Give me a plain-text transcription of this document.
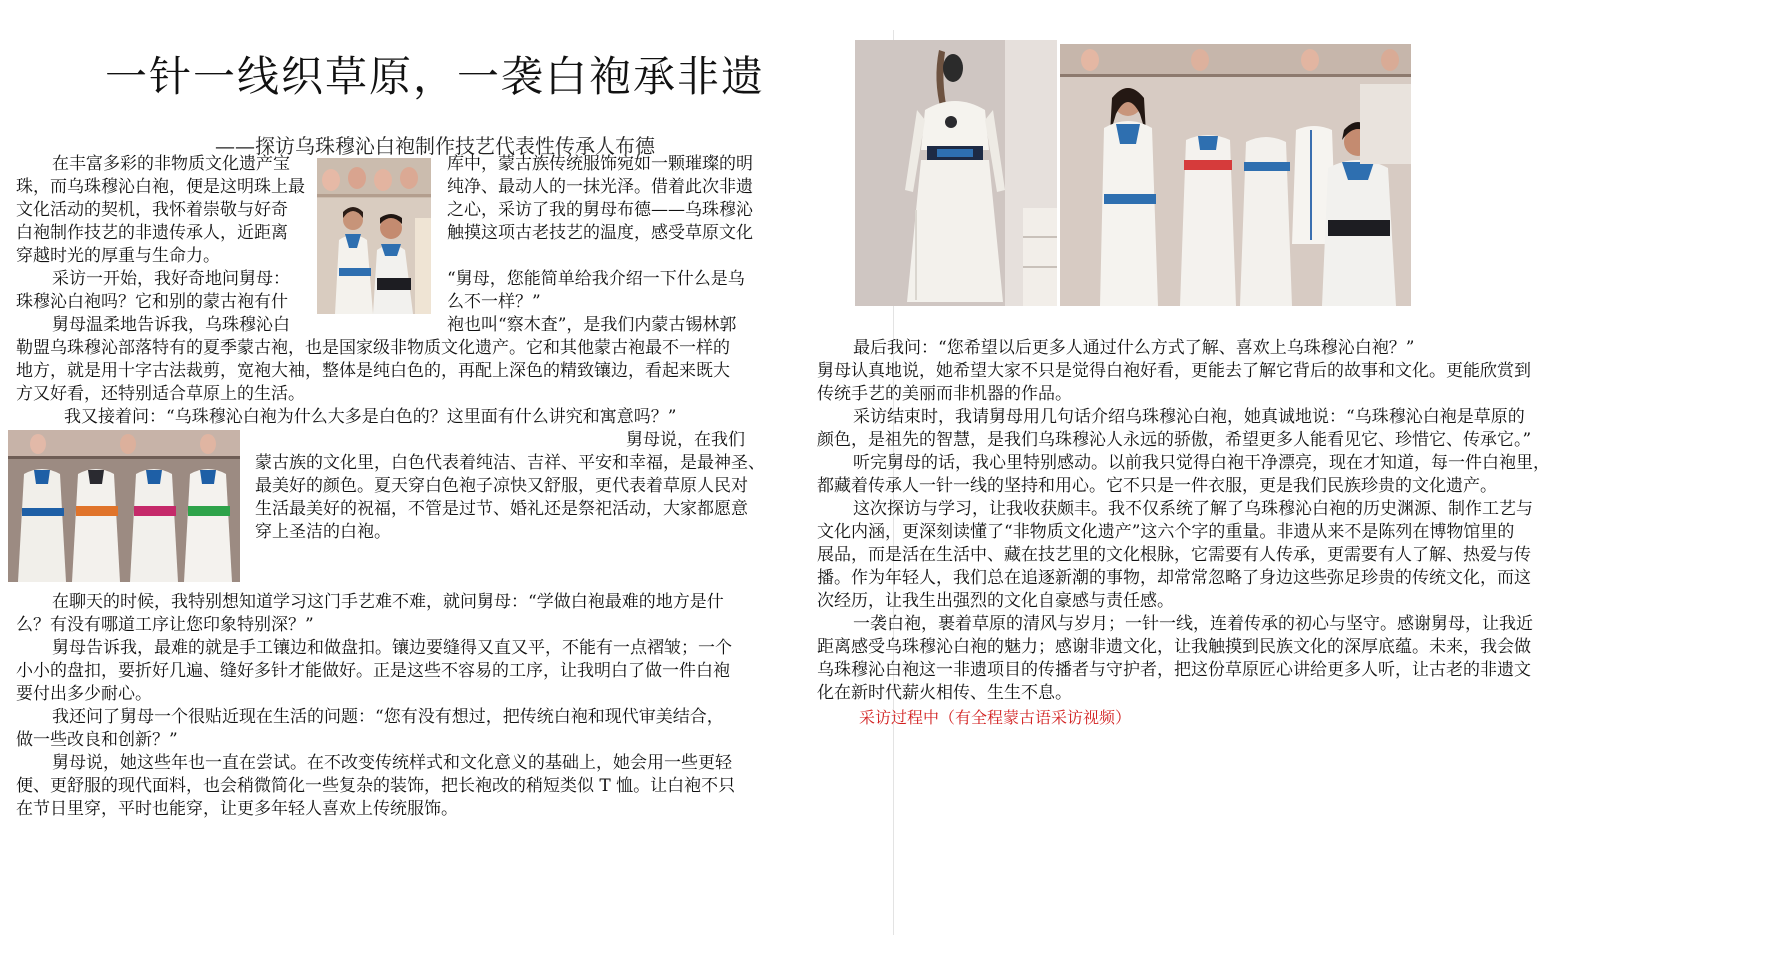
一针一线织草原，一袭白袍承非遗
——探访乌珠穆沁白袍制作技艺代表性传承人布德
在丰富多彩的非物质文化遗产宝
珠，而乌珠穆沁白袍，便是这明珠上最
文化活动的契机，我怀着崇敬与好奇
白袍制作技艺的非遗传承人，近距离
穿越时光的厚重与生命力。
采访一开始，我好奇地问舅母：
珠穆沁白袍吗？它和别的蒙古袍有什
舅母温柔地告诉我，乌珠穆沁白
库中，蒙古族传统服饰宛如一颗璀璨的明
纯净、最动人的一抹光泽。借着此次非遗
之心，采访了我的舅母布德——乌珠穆沁
触摸这项古老技艺的温度，感受草原文化
“舅母，您能简单给我介绍一下什么是乌
么不一样？”
袍也叫“察木査”，是我们内蒙古锡林郭
勒盟乌珠穆沁部落特有的夏季蒙古袍，也是国家级非物质文化遗产。它和其他蒙古袍最不一样的
地方，就是用十字古法裁剪，宽袍大袖，整体是纯白色的，再配上深色的精致镶边，看起来既大
方又好看，还特别适合草原上的生活。
我又接着问：“乌珠穆沁白袍为什么大多是白色的？这里面有什么讲究和寓意吗？”
舅母说，在我们
蒙古族的文化里，白色代表着纯洁、吉祥、平安和幸福，是最神圣、
最美好的颜色。夏天穿白色袍子凉快又舒服，更代表着草原人民对
生活最美好的祝福，不管是过节、婚礼还是祭祀活动，大家都愿意
穿上圣洁的白袍。
在聊天的时候，我特别想知道学习这门手艺难不难，就问舅母：“学做白袍最难的地方是什
么？有没有哪道工序让您印象特别深？”
舅母告诉我，最难的就是手工镶边和做盘扣。镶边要缝得又直又平，不能有一点褶皱；一个
小小的盘扣，要折好几遍、缝好多针才能做好。正是这些不容易的工序，让我明白了做一件白袍
要付出多少耐心。
我还问了舅母一个很贴近现在生活的问题：“您有没有想过，把传统白袍和现代审美结合，
做一些改良和创新？”
舅母说，她这些年也一直在尝试。在不改变传统样式和文化意义的基础上，她会用一些更轻
便、更舒服的现代面料，也会稍微简化一些复杂的装饰，把长袍改的稍短类似 T 恤。让白袍不只
在节日里穿，平时也能穿，让更多年轻人喜欢上传统服饰。
最后我问：“您希望以后更多人通过什么方式了解、喜欢上乌珠穆沁白袍？”
舅母认真地说，她希望大家不只是觉得白袍好看，更能去了解它背后的故事和文化。更能欣赏到
传统手艺的美丽而非机器的作品。
采访结束时，我请舅母用几句话介绍乌珠穆沁白袍，她真诚地说：“乌珠穆沁白袍是草原的
颜色，是祖先的智慧，是我们乌珠穆沁人永远的骄傲，希望更多人能看见它、珍惜它、传承它。”
听完舅母的话，我心里特别感动。以前我只觉得白袍干净漂亮，现在才知道，每一件白袍里，
都藏着传承人一针一线的坚持和用心。它不只是一件衣服，更是我们民族珍贵的文化遗产。
这次探访与学习，让我收获颇丰。我不仅系统了解了乌珠穆沁白袍的历史渊源、制作工艺与
文化内涵，更深刻读懂了“非物质文化遗产”这六个字的重量。非遗从来不是陈列在博物馆里的
展品，而是活在生活中、藏在技艺里的文化根脉，它需要有人传承，更需要有人了解、热爱与传
播。作为年轻人，我们总在追逐新潮的事物，却常常忽略了身边这些弥足珍贵的传统文化，而这
次经历，让我生出强烈的文化自豪感与责任感。
一袭白袍，裹着草原的清风与岁月；一针一线，连着传承的初心与坚守。感谢舅母，让我近
距离感受乌珠穆沁白袍的魅力；感谢非遗文化，让我触摸到民族文化的深厚底蕴。未来，我会做
乌珠穆沁白袍这一非遗项目的传播者与守护者，把这份草原匠心讲给更多人听，让古老的非遗文
化在新时代薪火相传、生生不息。
采访过程中（有全程蒙古语采访视频）
